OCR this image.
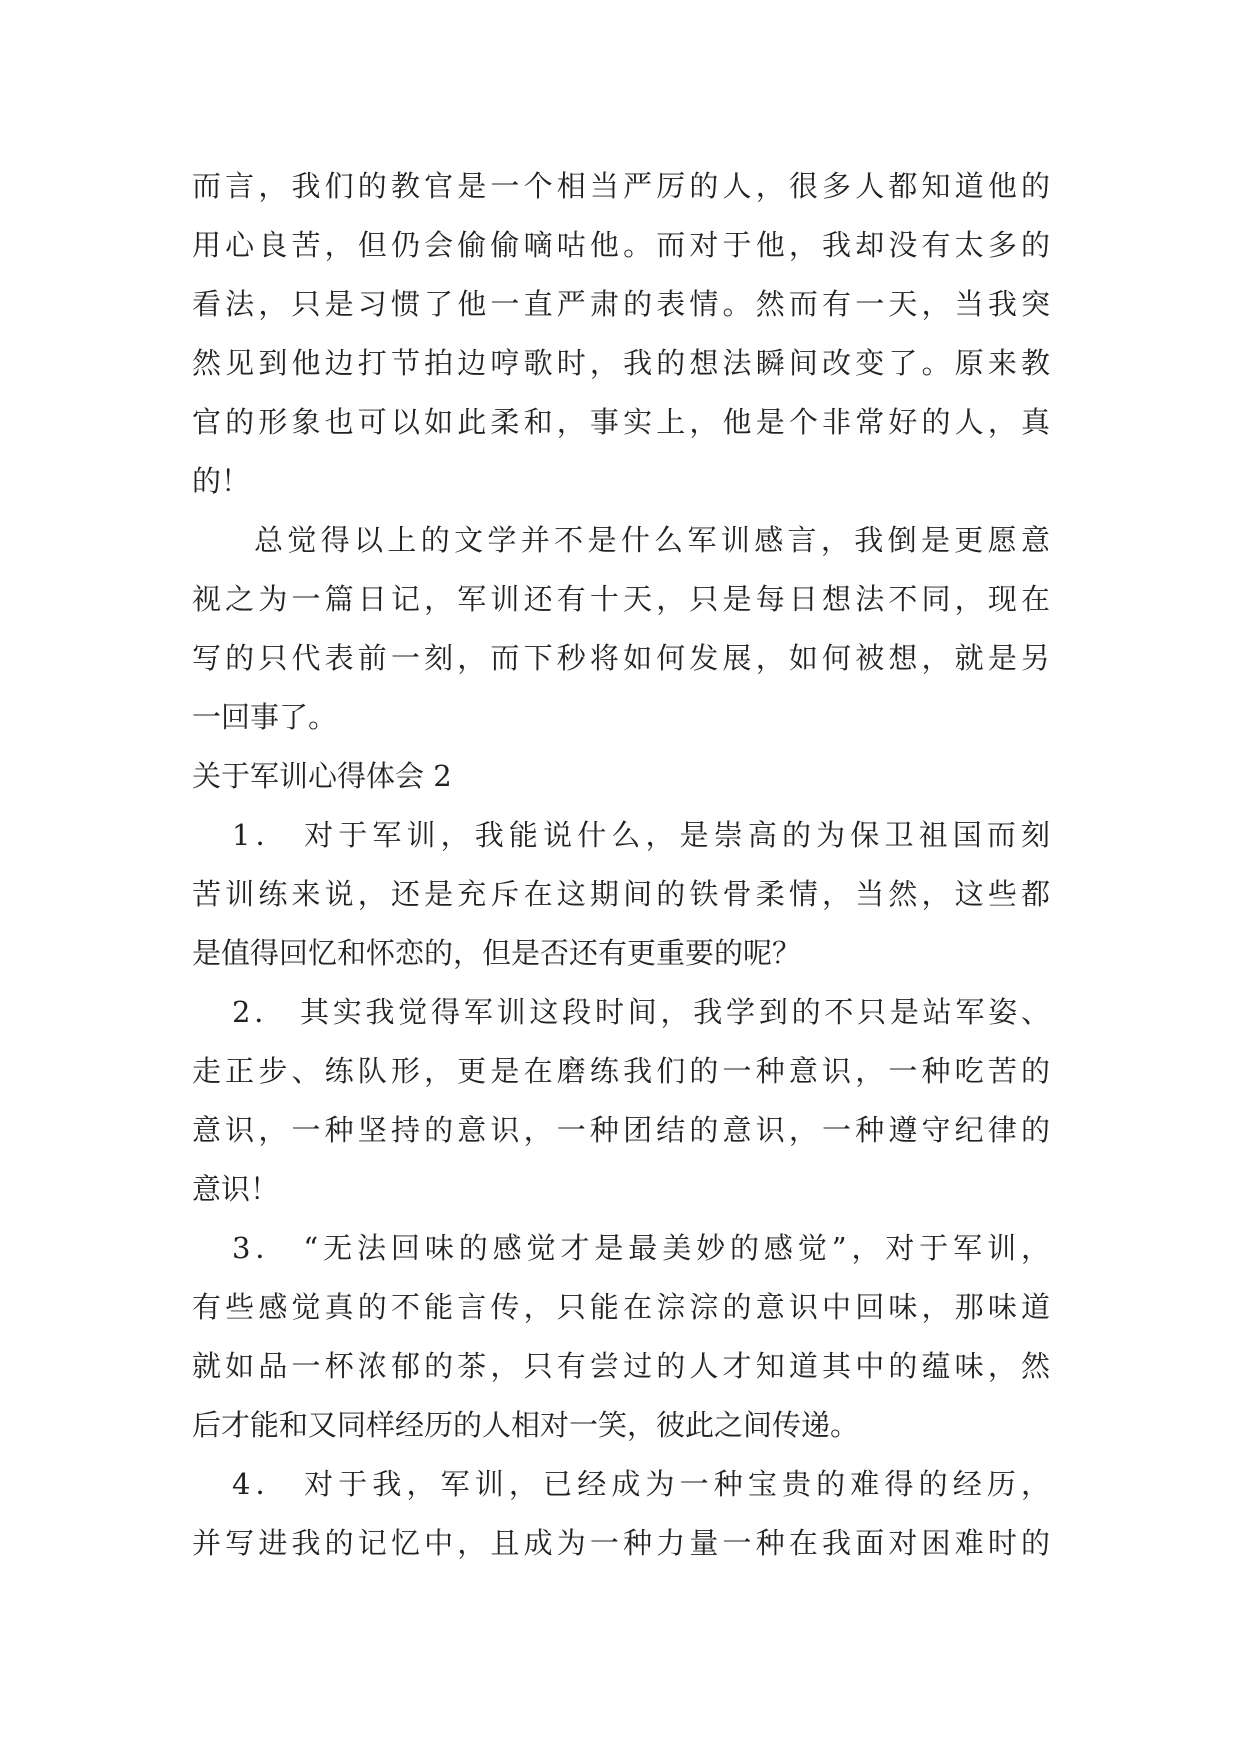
而言，我们的教官是一个相当严厉的人，很多人都知道他的
用心良苦，但仍会偷偷嘀咕他。而对于他，我却没有太多的
看法，只是习惯了他一直严肃的表情。然而有一天，当我突
然见到他边打节拍边哼歌时，我的想法瞬间改变了。原来教
官的形象也可以如此柔和，事实上，他是个非常好的人，真
的！
总觉得以上的文学并不是什么军训感言，我倒是更愿意
视之为一篇日记，军训还有十天，只是每日想法不同，现在
写的只代表前一刻，而下秒将如何发展，如何被想，就是另
一回事了。
关于军训心得体会 2
1． 对于军训，我能说什么，是崇高的为保卫祖国而刻
苦训练来说，还是充斥在这期间的铁骨柔情，当然，这些都
是值得回忆和怀恋的，但是否还有更重要的呢？
2． 其实我觉得军训这段时间，我学到的不只是站军姿、
走正步、练队形，更是在磨练我们的一种意识，一种吃苦的
意识，一种坚持的意识，一种团结的意识，一种遵守纪律的
意识！
3． “无法回味的感觉才是最美妙的感觉”，对于军训，
有些感觉真的不能言传，只能在淙淙的意识中回味，那味道
就如品一杯浓郁的茶，只有尝过的人才知道其中的蕴味，然
后才能和又同样经历的人相对一笑，彼此之间传递。
4． 对于我，军训，已经成为一种宝贵的难得的经历，
并写进我的记忆中，且成为一种力量一种在我面对困难时的
